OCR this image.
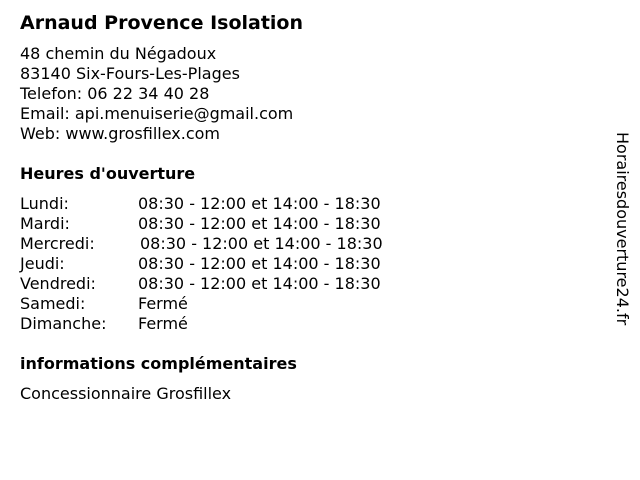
Arnaud Provence Isolation
48 chemin du Négadoux
83140 Six-Fours-Les-Plages
Telefon: 06 22 34 40 28
Email: api.menuiserie@gmail.com
Web: www.grosfillex.com
Heures d'ouverture
Lundi:	08:30 - 12:00 et 14:00 - 18:30
Mardi:	08:30 - 12:00 et 14:00 - 18:30
Mercredi:	08:30 - 12:00 et 14:00 - 18:30
Jeudi:	08:30 - 12:00 et 14:00 - 18:30
Vendredi:	08:30 - 12:00 et 14:00 - 18:30
Samedi:	Fermé
Dimanche:	Fermé
informations complémentaires
Concessionnaire Grosfillex
Horairesdouverture24.fr
